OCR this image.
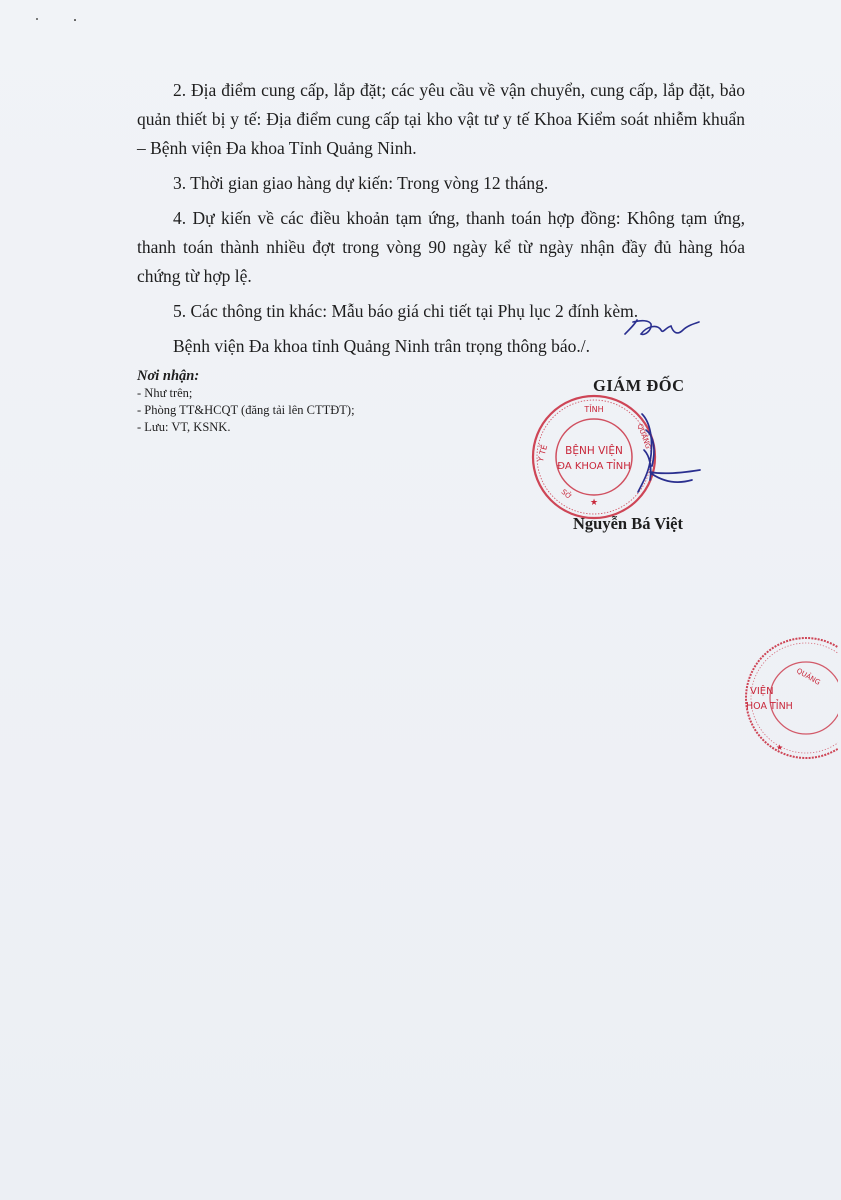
2. Địa điểm cung cấp, lắp đặt; các yêu cầu về vận chuyển, cung cấp, lắp đặt, bảo quản thiết bị y tế: Địa điểm cung cấp tại kho vật tư y tế Khoa Kiểm soát nhiễm khuẩn – Bệnh viện Đa khoa Tỉnh Quảng Ninh.

3. Thời gian giao hàng dự kiến: Trong vòng 12 tháng.

4. Dự kiến về các điều khoản tạm ứng, thanh toán hợp đồng: Không tạm ứng, thanh toán thành nhiều đợt trong vòng 90 ngày kể từ ngày nhận đầy đủ hàng hóa chứng từ hợp lệ.

5. Các thông tin khác: Mẫu báo giá chi tiết tại Phụ lục 2 đính kèm.

Bệnh viện Đa khoa tỉnh Quảng Ninh trân trọng thông báo./.

Nơi nhận:
- Như trên;
- Phòng TT&HCQT (đăng tải lên CTTĐT);
- Lưu: VT, KSNK.
GIÁM ĐỐC
Nguyễn Bá Việt
TỈNH
QUẢNG
Y TẾ
SỞ
BỆNH VIỆN
ĐA KHOA TỈNH
★
QUẢNG
VIỆN
HOA TỈNH
★
